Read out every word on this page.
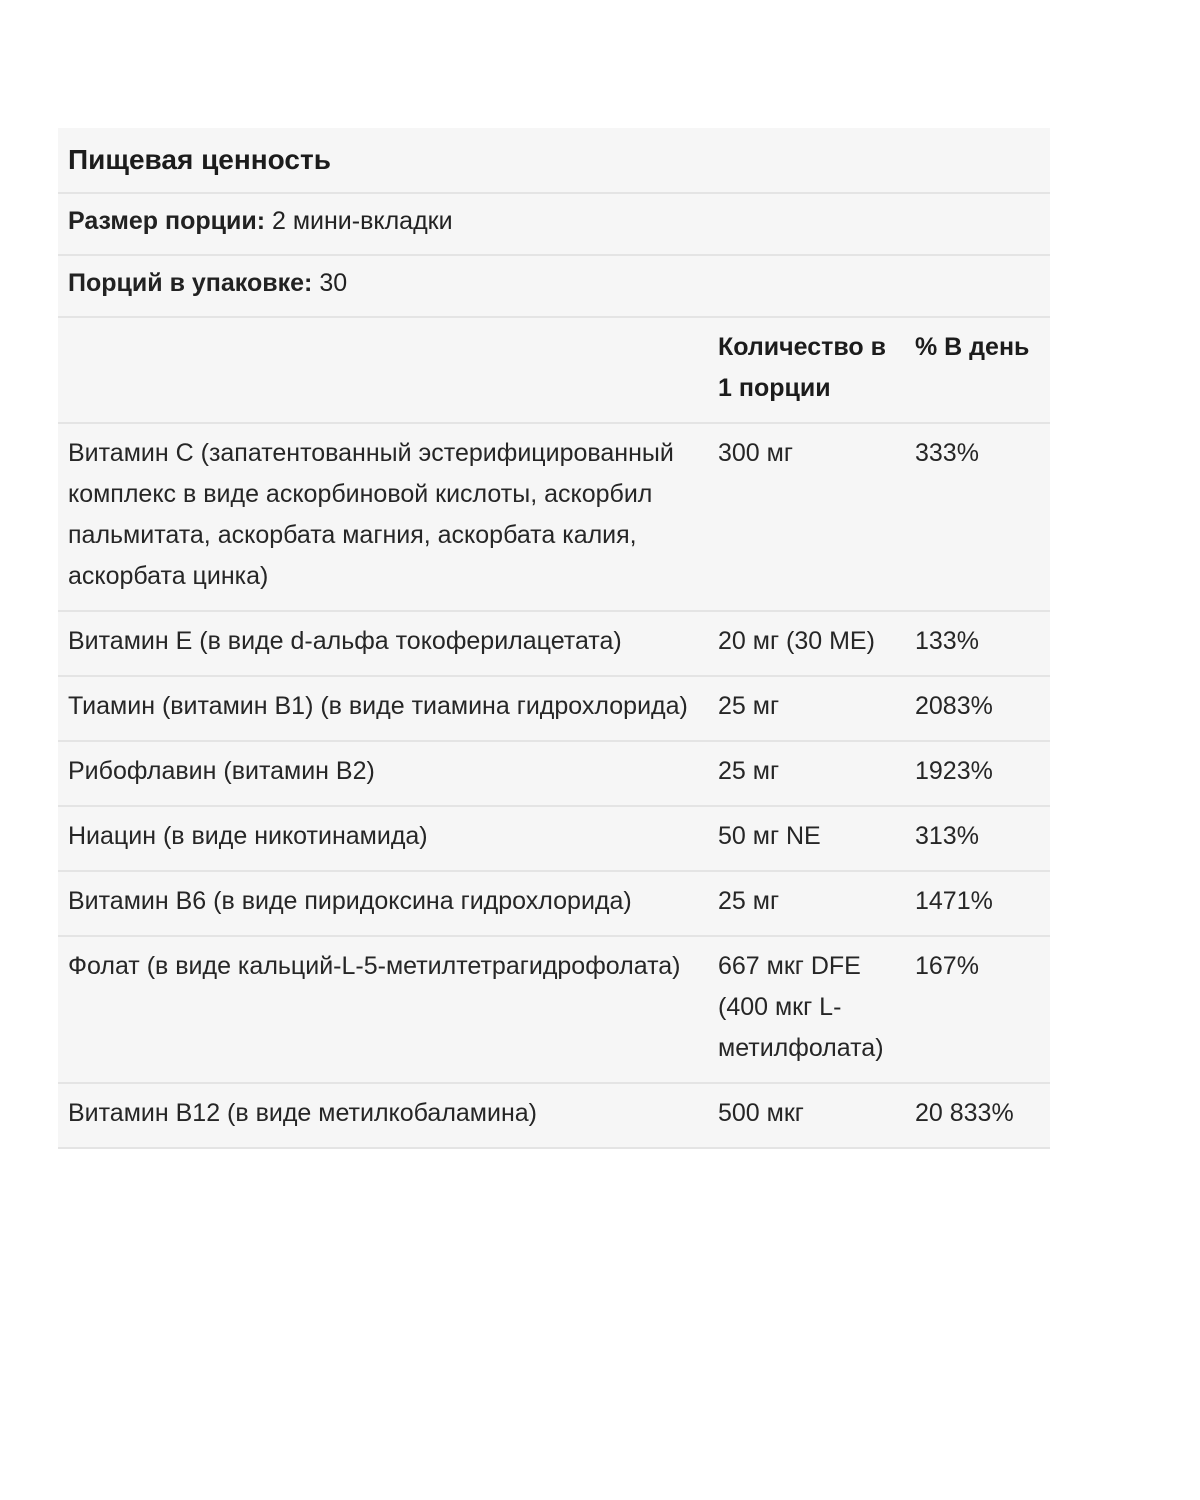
Пищевая ценность
Размер порции: 2 мини-вкладки
Порций в упаковке: 30
	Количество в 1 порции	% В день
Витамин C (запатентованный эстерифицированный комплекс в виде аскорбиновой кислоты, аскорбил пальмитата, аскорбата магния, аскорбата калия, аскорбата цинка)	300 мг	333%
Витамин E (в виде d-альфа токоферилацетата)	20 мг (30 МЕ)	133%
Тиамин (витамин B1) (в виде тиамина гидрохлорида)	25 мг	2083%
Рибофлавин (витамин B2)	25 мг	1923%
Ниацин (в виде никотинамида)	50 мг NE	313%
Витамин B6 (в виде пиридоксина гидрохлорида)	25 мг	1471%
Фолат (в виде кальций-L-5-метилтетрагидрофолата)	667 мкг DFE (400 мкг L-метилфолата)	167%
Витамин B12 (в виде метилкобаламина)	500 мкг	20 833%
